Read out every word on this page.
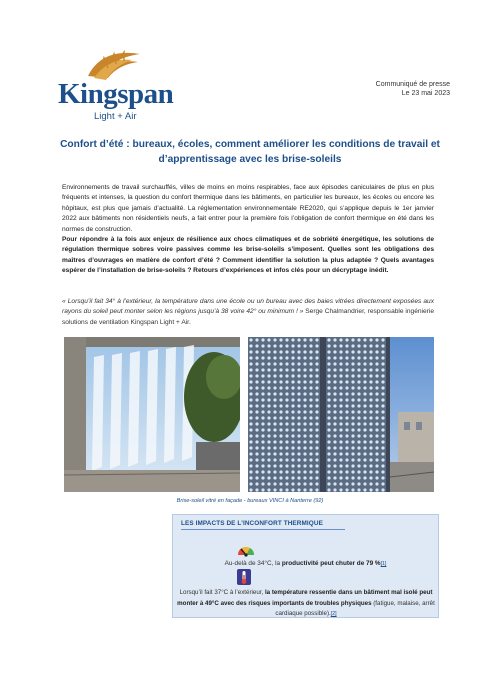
Kingspan
Light + Air
Communiqué de presse
Le 23 mai 2023
Confort d’été : bureaux, écoles, comment améliorer les conditions de travail et d’apprentissage avec les brise-soleils

Environnements de travail surchauffés, villes de moins en moins respirables, face aux épisodes caniculaires de plus en plus fréquents et intenses, la question du confort thermique dans les bâtiments, en particulier les bureaux, les écoles ou encore les hôpitaux, est plus que jamais d’actualité. La réglementation environnementale RE2020, qui s’applique depuis le 1er janvier 2022 aux bâtiments non résidentiels neufs, a fait entrer pour la première fois l’obligation de confort thermique en été dans les normes de construction.

Pour répondre à la fois aux enjeux de résilience aux chocs climatiques et de sobriété énergétique, les solutions de régulation thermique sobres voire passives comme les brise-soleils s’imposent. Quelles sont les obligations des maîtres d’ouvrages en matière de confort d’été ? Comment identifier la solution la plus adaptée ? Quels avantages espérer de l’installation de brise-soleils ? Retours d’expériences et infos clés pour un décryptage inédit.

« Lorsqu’il fait 34° à l’extérieur, la température dans une école ou un bureau avec des baies vitrées directement exposées aux rayons du soleil peut monter selon les régions jusqu’à 38 voire 42° ou minimum ! » Serge Chalmandrier, responsable ingénierie solutions de ventilation Kingspan Light + Air.
Brise-soleil vitré en façade - bureaux VINCI à Nanterre (92)
LES IMPACTS DE L’INCONFORT THERMIQUE
Au-delà de 34°C, la productivité peut chuter de 79 %[1]
Lorsqu’il fait 37°C à l’extérieur, la température ressentie dans un bâtiment mal isolé peut monter à 49°C avec des risques importants de troubles physiques (fatigue, malaise, arrêt cardiaque possible).[2]
